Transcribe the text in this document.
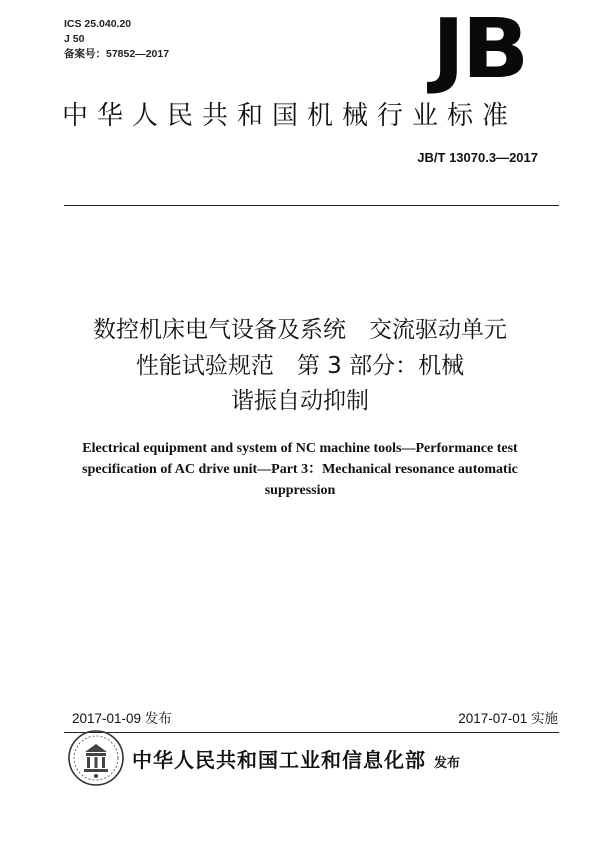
ICS 25.040.20
J 50
备案号：57852—2017	JB
中华人民共和国机械行业标准
JB/T 13070.3—2017
数控机床电气设备及系统　交流驱动单元
性能试验规范　第 3 部分：机械
谐振自动抑制
Electrical equipment and system of NC machine tools—Performance test
specification of AC drive unit—Part 3：Mechanical resonance automatic
suppression
2017-01-09 发布	2017-07-01 实施
中华人民共和国工业和信息化部 发布
